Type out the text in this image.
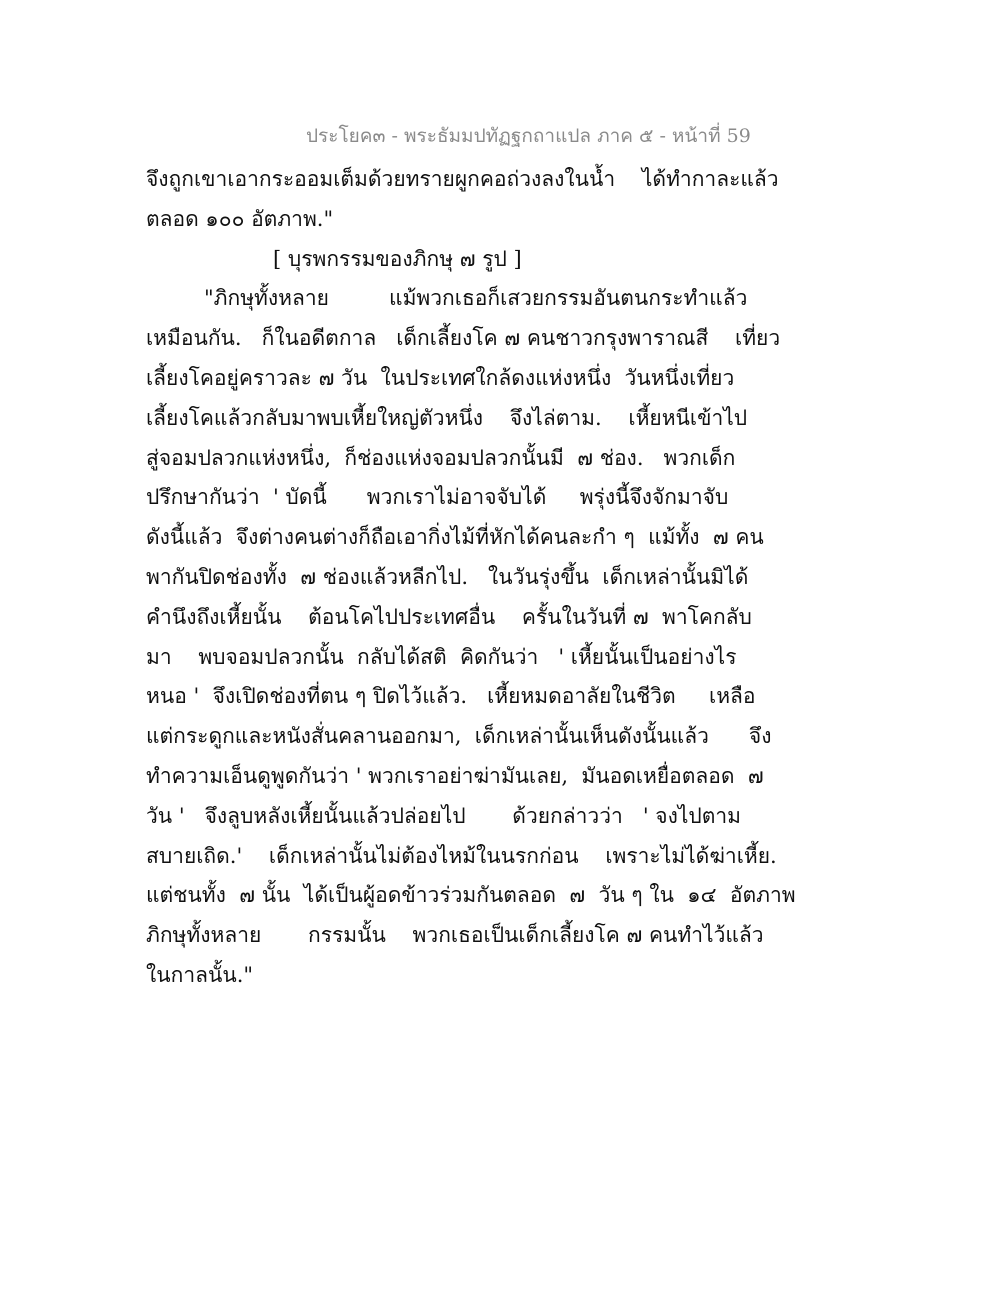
ประโยค๓ - พระธัมมปทัฏฐกถาแปล ภาค ๕ - หน้าที่ 59
จึงถูกเขาเอากระออมเต็มด้วยทรายผูกคอถ่วงลงในน้ำ    ได้ทำกาละแล้ว
ตลอด ๑๐๐ อัตภาพ."
[ บุรพกรรมของภิกษุ ๗ รูป ]
"ภิกษุทั้งหลาย         แม้พวกเธอก็เสวยกรรมอันตนกระทำแล้ว
เหมือนกัน.   ก็ในอดีตกาล   เด็กเลี้ยงโค ๗ คนชาวกรุงพาราณสี    เที่ยว
เลี้ยงโคอยู่คราวละ ๗ วัน  ในประเทศใกล้ดงแห่งหนึ่ง  วันหนึ่งเที่ยว
เลี้ยงโคแล้วกลับมาพบเหี้ยใหญ่ตัวหนึ่ง    จึงไล่ตาม.    เหี้ยหนีเข้าไป
สู่จอมปลวกแห่งหนึ่ง,  ก็ช่องแห่งจอมปลวกนั้นมี  ๗ ช่อง.   พวกเด็ก
ปรึกษากันว่า  ' บัดนี้      พวกเราไม่อาจจับได้     พรุ่งนี้จึงจักมาจับ
ดังนี้แล้ว  จึงต่างคนต่างก็ถือเอากิ่งไม้ที่หักได้คนละกำ ๆ  แม้ทั้ง  ๗ คน
พากันปิดช่องทั้ง  ๗ ช่องแล้วหลีกไป.   ในวันรุ่งขึ้น  เด็กเหล่านั้นมิได้
คำนึงถึงเหี้ยนั้น    ต้อนโคไปประเทศอื่น    ครั้นในวันที่ ๗  พาโคกลับ
มา    พบจอมปลวกนั้น  กลับได้สติ  คิดกันว่า   ' เหี้ยนั้นเป็นอย่างไร
หนอ '  จึงเปิดช่องที่ตน ๆ ปิดไว้แล้ว.   เหี้ยหมดอาลัยในชีวิต     เหลือ
แต่กระดูกและหนังสั่นคลานออกมา,  เด็กเหล่านั้นเห็นดังนั้นแล้ว      จึง
ทำความเอ็นดูพูดกันว่า ' พวกเราอย่าฆ่ามันเลย,  มันอดเหยื่อตลอด  ๗
วัน '   จึงลูบหลังเหี้ยนั้นแล้วปล่อยไป       ด้วยกล่าวว่า   ' จงไปตาม
สบายเถิด.'    เด็กเหล่านั้นไม่ต้องไหม้ในนรกก่อน    เพราะไม่ได้ฆ่าเหี้ย.
แต่ชนทั้ง  ๗ นั้น  ได้เป็นผู้อดข้าวร่วมกันตลอด  ๗  วัน ๆ ใน  ๑๔  อัตภาพ
ภิกษุทั้งหลาย       กรรมนั้น    พวกเธอเป็นเด็กเลี้ยงโค ๗ คนทำไว้แล้ว
ในกาลนั้น."
